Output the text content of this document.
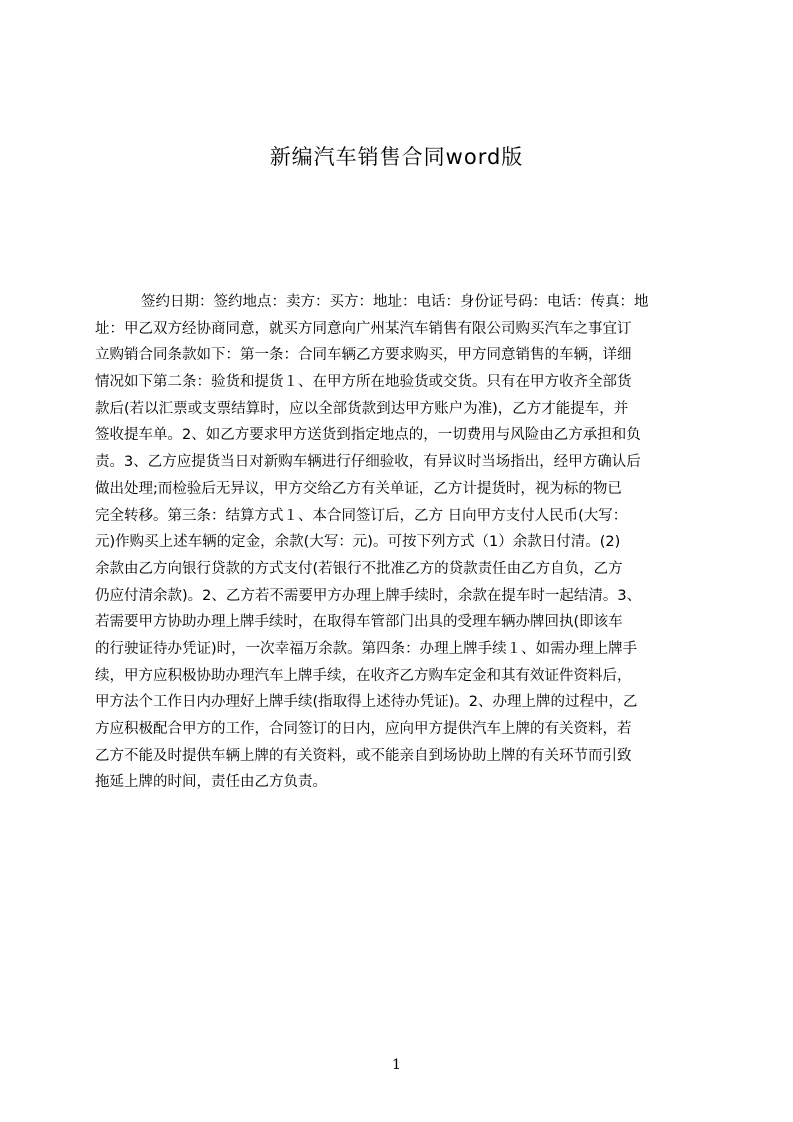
新编汽车销售合同word版
签约日期：签约地点：卖方：买方：地址：电话：身份证号码：电话：传真：地
址：甲乙双方经协商同意，就买方同意向广州某汽车销售有限公司购买汽车之事宜订
立购销合同条款如下：第一条：合同车辆乙方要求购买，甲方同意销售的车辆，详细
情况如下第二条：验货和提货１、在甲方所在地验货或交货。只有在甲方收齐全部货
款后(若以汇票或支票结算时，应以全部货款到达甲方账户为准)，乙方才能提车，并
签收提车单。2、如乙方要求甲方送货到指定地点的，一切费用与风险由乙方承担和负
责。3、乙方应提货当日对新购车辆进行仔细验收，有异议时当场指出，经甲方确认后
做出处理;而检验后无异议，甲方交给乙方有关单证，乙方计提货时，视为标的物已
完全转移。第三条：结算方式１、本合同签订后，乙方 日向甲方支付人民币(大写：
元)作购买上述车辆的定金，余款(大写：元)。可按下列方式（1）余款日付清。(2)
余款由乙方向银行贷款的方式支付(若银行不批准乙方的贷款责任由乙方自负，乙方
仍应付清余款)。2、乙方若不需要甲方办理上牌手续时，余款在提车时一起结清。3、
若需要甲方协助办理上牌手续时，在取得车管部门出具的受理车辆办牌回执(即该车
的行驶证待办凭证)时，一次幸福万余款。第四条：办理上牌手续１、如需办理上牌手
续，甲方应积极协助办理汽车上牌手续，在收齐乙方购车定金和其有效证件资料后，
甲方法个工作日内办理好上牌手续(指取得上述待办凭证)。2、办理上牌的过程中，乙
方应积极配合甲方的工作，合同签订的日内，应向甲方提供汽车上牌的有关资料，若
乙方不能及时提供车辆上牌的有关资料，或不能亲自到场协助上牌的有关环节而引致
拖延上牌的时间，责任由乙方负责。
1
